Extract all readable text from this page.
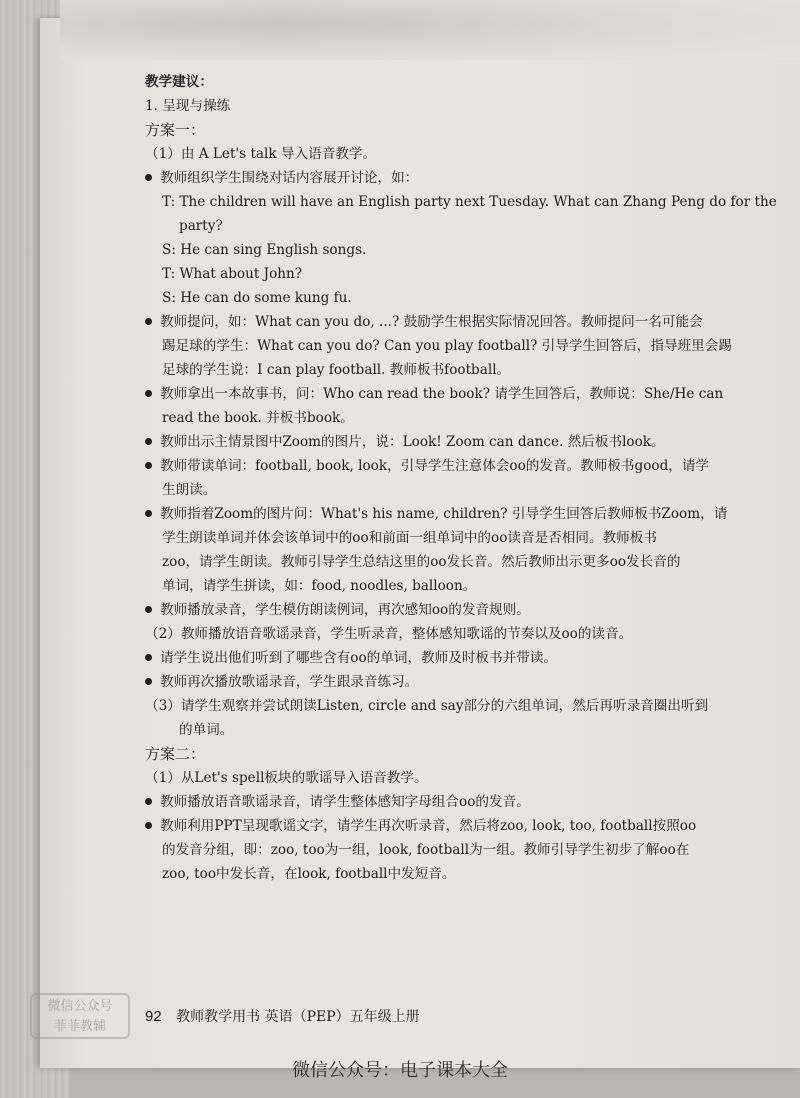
教学建议：
1. 呈现与操练
方案一：
（1）由 A Let's talk 导入语音教学。
教师组织学生围绕对话内容展开讨论，如：
T: The children will have an English party next Tuesday. What can Zhang Peng do for the
party?
S: He can sing English songs.
T: What about John?
S: He can do some kung fu.
教师提问，如：What can you do, ...? 鼓励学生根据实际情况回答。教师提问一名可能会
踢足球的学生：What can you do? Can you play football? 引导学生回答后，指导班里会踢
足球的学生说：I can play football. 教师板书football。
教师拿出一本故事书，问：Who can read the book? 请学生回答后，教师说：She/He can
read the book. 并板书book。
教师出示主情景图中Zoom的图片，说：Look! Zoom can dance. 然后板书look。
教师带读单词：football, book, look，引导学生注意体会oo的发音。教师板书good，请学
生朗读。
教师指着Zoom的图片问：What's his name, children? 引导学生回答后教师板书Zoom，请
学生朗读单词并体会该单词中的oo和前面一组单词中的oo读音是否相同。教师板书
zoo，请学生朗读。教师引导学生总结这里的oo发长音。然后教师出示更多oo发长音的
单词，请学生拼读，如：food, noodles, balloon。
教师播放录音，学生模仿朗读例词，再次感知oo的发音规则。
（2）教师播放语音歌谣录音，学生听录音，整体感知歌谣的节奏以及oo的读音。
请学生说出他们听到了哪些含有oo的单词，教师及时板书并带读。
教师再次播放歌谣录音，学生跟录音练习。
（3）请学生观察并尝试朗读Listen, circle and say部分的六组单词，然后再听录音圈出听到
的单词。
方案二：
（1）从Let's spell板块的歌谣导入语音教学。
教师播放语音歌谣录音，请学生整体感知字母组合oo的发音。
教师利用PPT呈现歌谣文字，请学生再次听录音，然后将zoo, look, too, football按照oo
的发音分组，即：zoo, too为一组，look, football为一组。教师引导学生初步了解oo在
zoo, too中发长音，在look, football中发短音。
92 教师教学用书 英语（PEP）五年级上册
微信公众号
菲菲教辅
微信公众号：电子课本大全
